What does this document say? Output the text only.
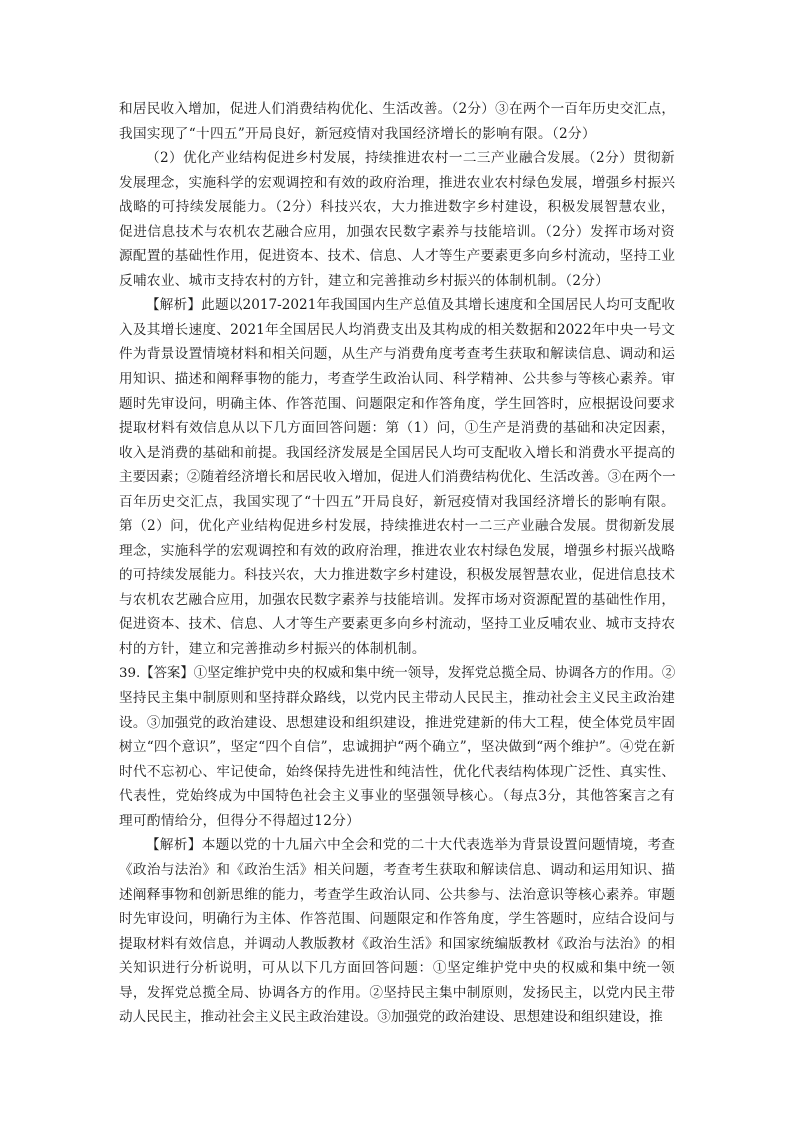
和居民收入增加，促进人们消费结构优化、生活改善。（2分）③在两个一百年历史交汇点，
我国实现了“十四五”开局良好，新冠疫情对我国经济增长的影响有限。（2分）
（2）优化产业结构促进乡村发展，持续推进农村一二三产业融合发展。（2分）贯彻新
发展理念，实施科学的宏观调控和有效的政府治理，推进农业农村绿色发展，增强乡村振兴
战略的可持续发展能力。（2分）科技兴农，大力推进数字乡村建设，积极发展智慧农业，
促进信息技术与农机农艺融合应用，加强农民数字素养与技能培训。（2分）发挥市场对资
源配置的基础性作用，促进资本、技术、信息、人才等生产要素更多向乡村流动，坚持工业
反哺农业、城市支持农村的方针，建立和完善推动乡村振兴的体制机制。（2分）
【解析】此题以2017-2021年我国国内生产总值及其增长速度和全国居民人均可支配收
入及其增长速度、2021年全国居民人均消费支出及其构成的相关数据和2022年中央一号文
件为背景设置情境材料和相关问题，从生产与消费角度考查考生获取和解读信息、调动和运
用知识、描述和阐释事物的能力，考查学生政治认同、科学精神、公共参与等核心素养。审
题时先审设问，明确主体、作答范围、问题限定和作答角度，学生回答时，应根据设问要求
提取材料有效信息从以下几方面回答问题：第（1）问，①生产是消费的基础和决定因素，
收入是消费的基础和前提。我国经济发展是全国居民人均可支配收入增长和消费水平提高的
主要因素；②随着经济增长和居民收入增加，促进人们消费结构优化、生活改善。③在两个一
百年历史交汇点，我国实现了“十四五”开局良好，新冠疫情对我国经济增长的影响有限。
第（2）问，优化产业结构促进乡村发展，持续推进农村一二三产业融合发展。贯彻新发展
理念，实施科学的宏观调控和有效的政府治理，推进农业农村绿色发展，增强乡村振兴战略
的可持续发展能力。科技兴农，大力推进数字乡村建设，积极发展智慧农业，促进信息技术
与农机农艺融合应用，加强农民数字素养与技能培训。发挥市场对资源配置的基础性作用，
促进资本、技术、信息、人才等生产要素更多向乡村流动，坚持工业反哺农业、城市支持农
村的方针，建立和完善推动乡村振兴的体制机制。
39.【答案】①坚定维护党中央的权威和集中统一领导，发挥党总揽全局、协调各方的作用。②
坚持民主集中制原则和坚持群众路线，以党内民主带动人民民主，推动社会主义民主政治建
设。③加强党的政治建设、思想建设和组织建设，推进党建新的伟大工程，使全体党员牢固
树立“四个意识”，坚定“四个自信”，忠诚拥护“两个确立”，坚决做到“两个维护”。④党在新
时代不忘初心、牢记使命，始终保持先进性和纯洁性，优化代表结构体现广泛性、真实性、
代表性，党始终成为中国特色社会主义事业的坚强领导核心。（每点3分，其他答案言之有
理可酌情给分，但得分不得超过12分）
【解析】本题以党的十九届六中全会和党的二十大代表选举为背景设置问题情境，考查
《政治与法治》和《政治生活》相关问题，考查考生获取和解读信息、调动和运用知识、描
述阐释事物和创新思维的能力，考查学生政治认同、公共参与、法治意识等核心素养。审题
时先审设问，明确行为主体、作答范围、问题限定和作答角度，学生答题时，应结合设问与
提取材料有效信息，并调动人教版教材《政治生活》和国家统编版教材《政治与法治》的相
关知识进行分析说明，可从以下几方面回答问题：①坚定维护党中央的权威和集中统一领
导，发挥党总揽全局、协调各方的作用。②坚持民主集中制原则，发扬民主，以党内民主带
动人民民主，推动社会主义民主政治建设。③加强党的政治建设、思想建设和组织建设，推
